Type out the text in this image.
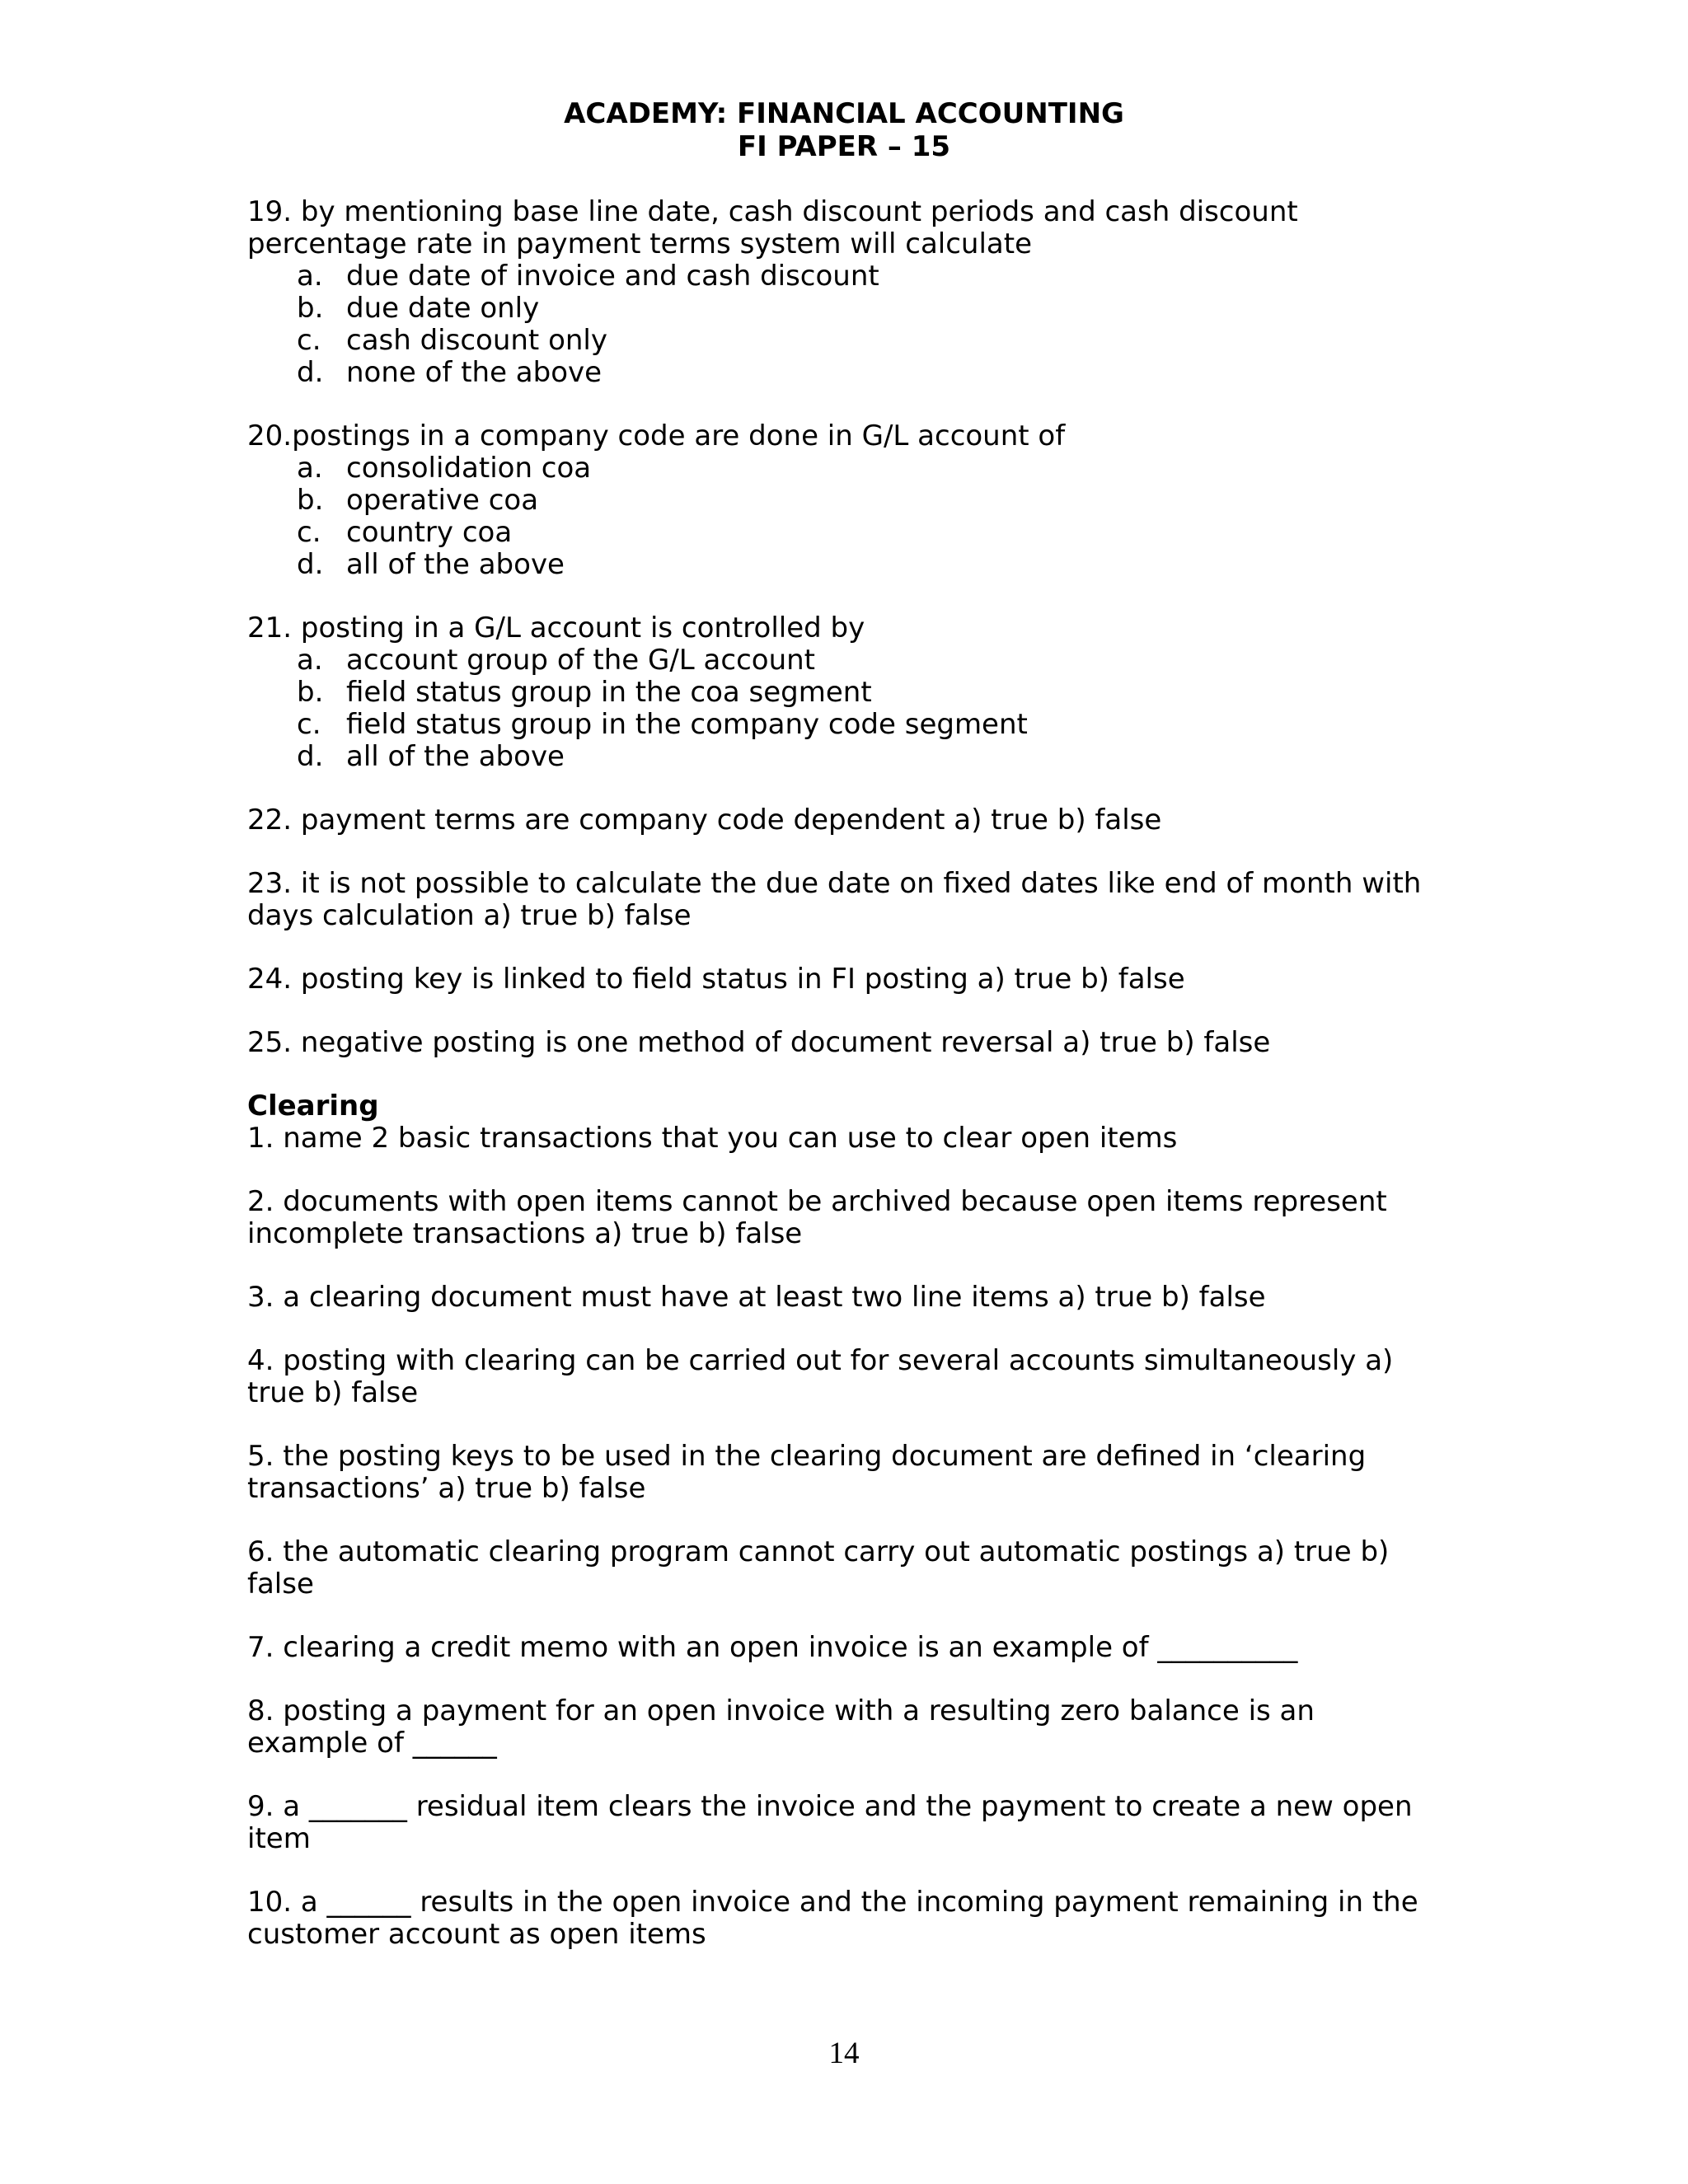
ACADEMY: FINANCIAL ACCOUNTING
FI PAPER – 15

19. by mentioning base line date, cash discount periods and cash discount percentage rate in payment terms system will calculate

a. due date of invoice and cash discount
b. due date only
c. cash discount only
d. none of the above

20.postings in a company code are done in G/L account of

a. consolidation coa
b. operative coa
c. country coa
d. all of the above

21. posting in a G/L account is controlled by

a. account group of the G/L account
b. field status group in the coa segment
c. field status group in the company code segment
d. all of the above

22. payment terms are company code dependent a) true b) false

23. it is not possible to calculate the due date on fixed dates like end of month with days calculation a) true b) false

24. posting key is linked to field status in FI posting a) true b) false

25. negative posting is one method of document reversal a) true b) false

Clearing

1. name 2 basic transactions that you can use to clear open items

2. documents with open items cannot be archived because open items represent incomplete transactions a) true b) false

3. a clearing document must have at least two line items a) true b) false

4. posting with clearing can be carried out for several accounts simultaneously a) true b) false

5. the posting keys to be used in the clearing document are defined in ‘clearing transactions’ a) true b) false

6. the automatic clearing program cannot carry out automatic postings a) true b) false

7. clearing a credit memo with an open invoice is an example of __________

8. posting a payment for an open invoice with a resulting zero balance is an example of ______

9. a _______ residual item clears the invoice and the payment to create a new open item

10. a ______ results in the open invoice and the incoming payment remaining in the customer account as open items

14
